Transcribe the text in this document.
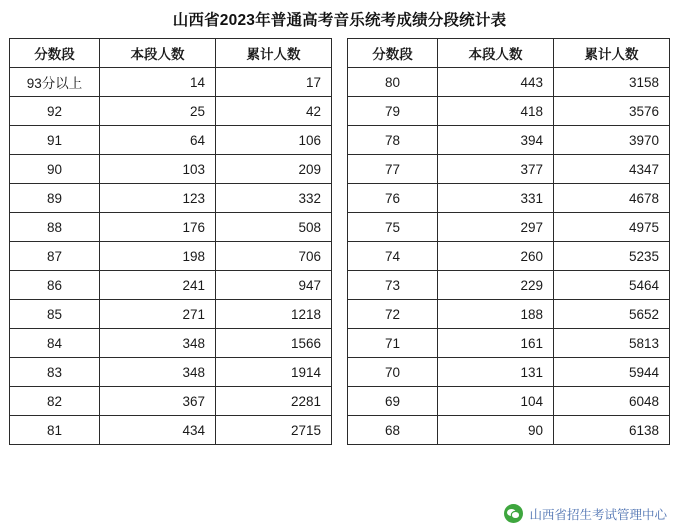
山西省2023年普通高考音乐统考成绩分段统计表
分数段	本段人数	累计人数
93分以上	14	17
92	25	42
91	64	106
90	103	209
89	123	332
88	176	508
87	198	706
86	241	947
85	271	1218
84	348	1566
83	348	1914
82	367	2281
81	434	2715
分数段	本段人数	累计人数
80	443	3158
79	418	3576
78	394	3970
77	377	4347
76	331	4678
75	297	4975
74	260	5235
73	229	5464
72	188	5652
71	161	5813
70	131	5944
69	104	6048
68	90	6138
山西省招生考试管理中心
